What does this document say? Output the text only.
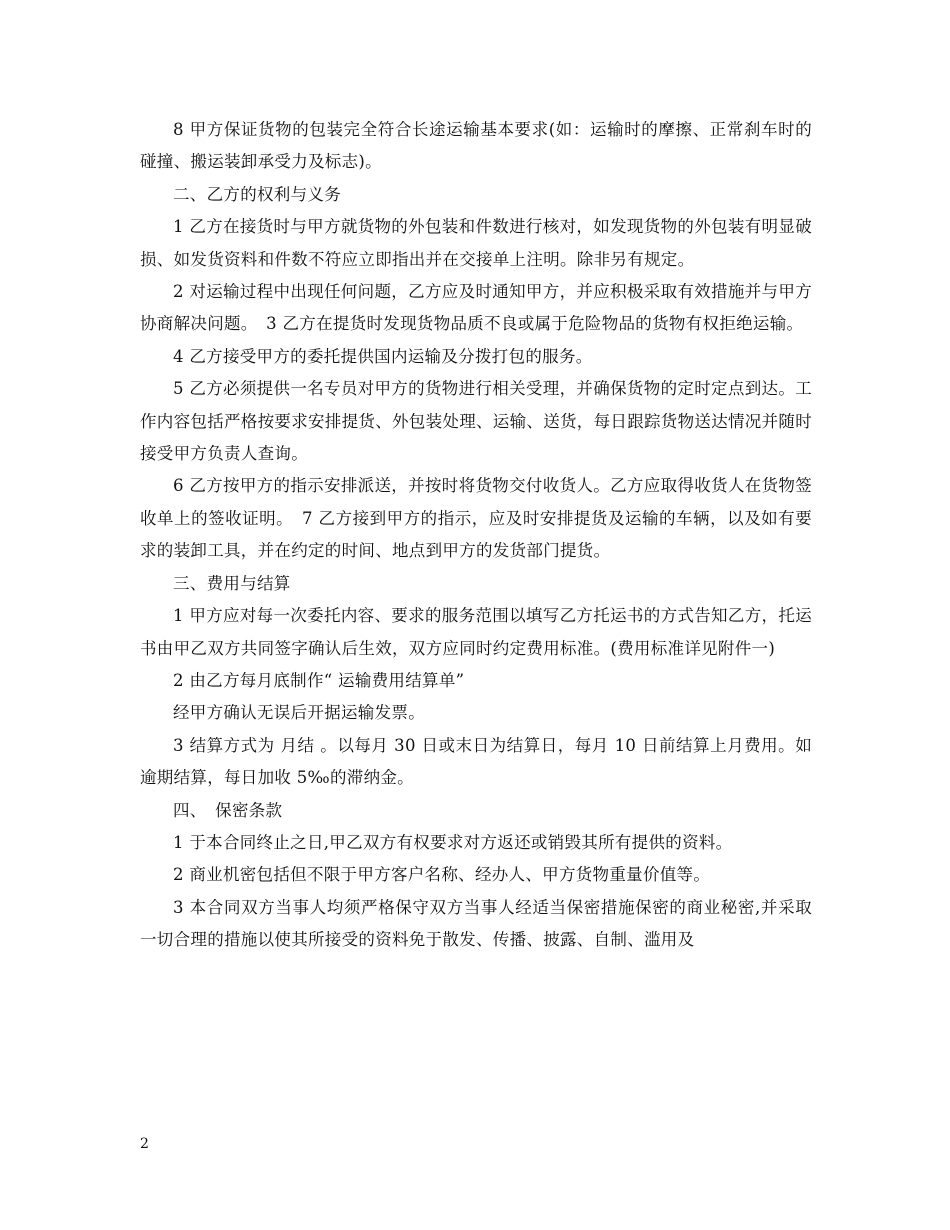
8 甲方保证货物的包装完全符合长途运输基本要求(如：运输时的摩擦、正常刹车时的碰撞、搬运装卸承受力及标志)。

二、乙方的权利与义务

1 乙方在接货时与甲方就货物的外包装和件数进行核对，如发现货物的外包装有明显破损、如发货资料和件数不符应立即指出并在交接单上注明。除非另有规定。

2 对运输过程中出现任何问题，乙方应及时通知甲方，并应积极采取有效措施并与甲方协商解决问题。　3 乙方在提货时发现货物品质不良或属于危险物品的货物有权拒绝运输。

4 乙方接受甲方的委托提供国内运输及分拨打包的服务。

5 乙方必须提供一名专员对甲方的货物进行相关受理，并确保货物的定时定点到达。工作内容包括严格按要求安排提货、外包装处理、运输、送货，每日跟踪货物送达情况并随时接受甲方负责人查询。

6 乙方按甲方的指示安排派送，并按时将货物交付收货人。乙方应取得收货人在货物签收单上的签收证明。　7 乙方接到甲方的指示，应及时安排提货及运输的车辆，以及如有要求的装卸工具，并在约定的时间、地点到甲方的发货部门提货。

三、费用与结算

1 甲方应对每一次委托内容、要求的服务范围以填写乙方托运书的方式告知乙方，托运书由甲乙双方共同签字确认后生效，双方应同时约定费用标准。(费用标准详见附件一)

2 由乙方每月底制作“ 运输费用结算单”

经甲方确认无误后开据运输发票。

3 结算方式为 月结 。以每月 30 日或末日为结算日，每月 10 日前结算上月费用。如逾期结算，每日加收 5‰的滞纳金。

四、　保密条款

1 于本合同终止之日,甲乙双方有权要求对方返还或销毁其所有提供的资料。

2 商业机密包括但不限于甲方客户名称、经办人、甲方货物重量价值等。

3 本合同双方当事人均须严格保守双方当事人经适当保密措施保密的商业秘密,并采取一切合理的措施以使其所接受的资料免于散发、传播、披露、自制、滥用及

2
